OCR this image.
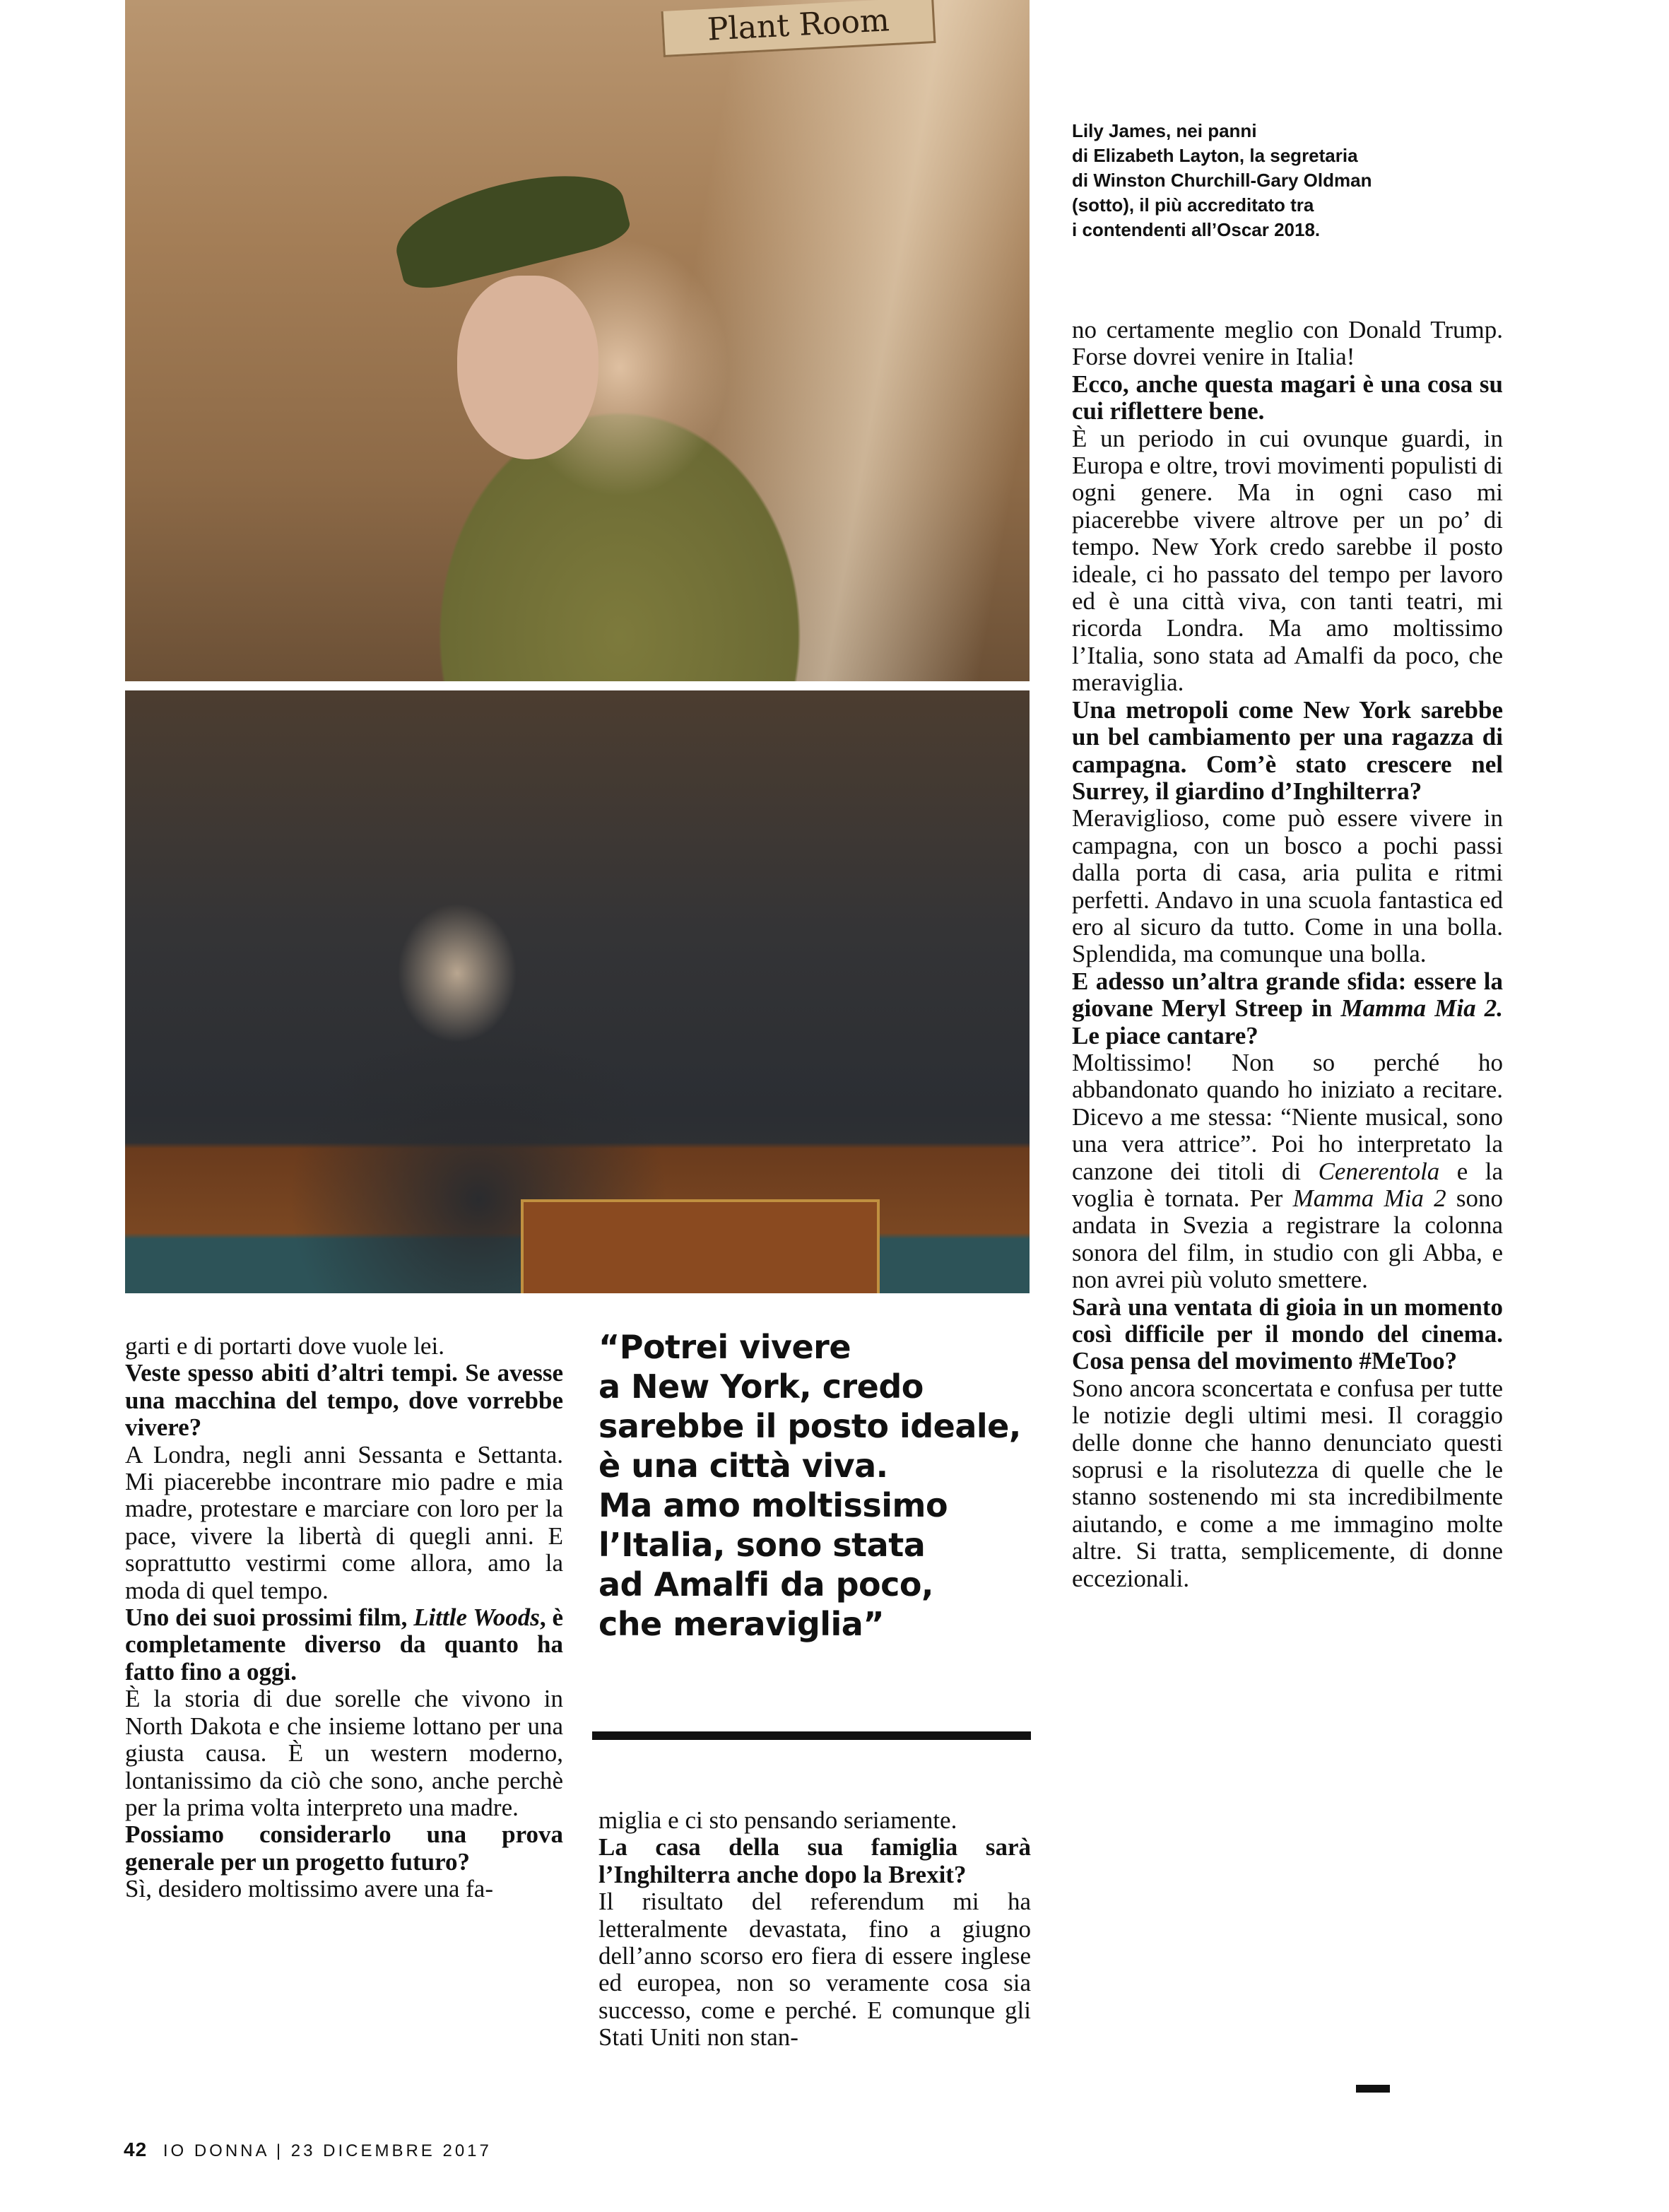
Plant Room
Lily James, nei panni
di Elizabeth Layton, la segretaria
di Winston Churchill-Gary Oldman
(sotto), il più accreditato tra
i contendenti all’Oscar 2018.

garti e di portarti dove vuole lei.

Veste spesso abiti d’altri tempi. Se avesse una macchina del tempo, dove vorrebbe vivere?

A Londra, negli anni Sessanta e Settanta. Mi piacerebbe incontrare mio padre e mia madre, protestare e marciare con loro per la pace, vivere la libertà di quegli anni. E soprattutto vestirmi come allora, amo la moda di quel tempo.

Uno dei suoi prossimi film, Little Woods, è completamente diverso da quanto ha fatto fino a oggi.

È la storia di due sorelle che vivono in North Dakota e che insieme lottano per una giusta causa. È un western moderno, lontanissimo da ciò che sono, anche perchè per la prima volta interpreto una madre.

Possiamo considerarlo una prova generale per un progetto futuro?

Sì, desidero moltissimo avere una fa-

“Potrei vivere
a New York, credo
sarebbe il posto ideale,
è una città viva.
Ma amo moltissimo
l’Italia, sono stata
ad Amalfi da poco,
che meraviglia”

miglia e ci sto pensando seriamente.

La casa della sua famiglia sarà l’Inghilterra anche dopo la Brexit?

Il risultato del referendum mi ha letteralmente devastata, fino a giugno dell’anno scorso ero fiera di essere inglese ed europea, non so veramente cosa sia successo, come e perché. E comunque gli Stati Uniti non stan-

no certamente meglio con Donald Trump. Forse dovrei venire in Italia!

Ecco, anche questa magari è una cosa su cui riflettere bene.

È un periodo in cui ovunque guardi, in Europa e oltre, trovi movimenti populisti di ogni genere. Ma in ogni caso mi piacerebbe vivere altrove per un po’ di tempo. New York credo sarebbe il posto ideale, ci ho passato del tempo per lavoro ed è una città viva, con tanti teatri, mi ricorda Londra. Ma amo moltissimo l’Italia, sono stata ad Amalfi da poco, che meraviglia.

Una metropoli come New York sarebbe un bel cambiamento per una ragazza di campagna. Com’è stato crescere nel Surrey, il giardino d’Inghilterra?

Meraviglioso, come può essere vivere in campagna, con un bosco a pochi passi dalla porta di casa, aria pulita e ritmi perfetti. Andavo in una scuola fantastica ed ero al sicuro da tutto. Come in una bolla. Splendida, ma comunque una bolla.

E adesso un’altra grande sfida: essere la giovane Meryl Streep in Mamma Mia 2. Le piace cantare?

Moltissimo! Non so perché ho abbandonato quando ho iniziato a recitare. Dicevo a me stessa: “Niente musical, sono una vera attrice”. Poi ho interpretato la canzone dei titoli di Cenerentola e la voglia è tornata. Per Mamma Mia 2 sono andata in Svezia a registrare la colonna sonora del film, in studio con gli Abba, e non avrei più voluto smettere.

Sarà una ventata di gioia in un momento così difficile per il mondo del cinema. Cosa pensa del movimento #MeToo?

Sono ancora sconcertata e confusa per tutte le notizie degli ultimi mesi. Il coraggio delle donne che hanno denunciato questi soprusi e la risolutezza di quelle che le stanno sostenendo mi sta incredibilmente aiutando, e come a me immagino molte altre. Si tratta, semplicemente, di donne eccezionali.

42 IO DONNA | 23 DICEMBRE 2017
